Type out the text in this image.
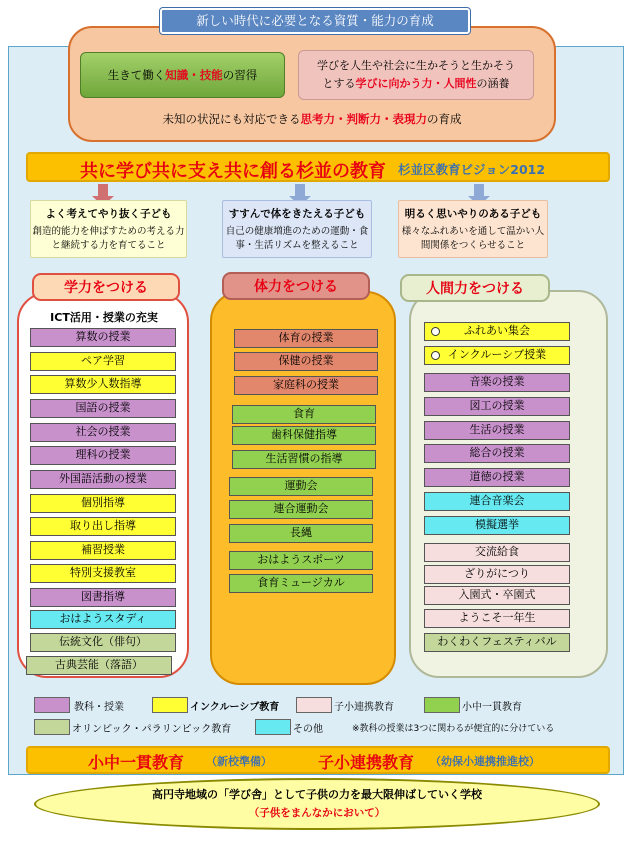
新しい時代に必要となる資質・能力の育成
生きて働く知識・技能の習得
学びを人生や社会に生かそうと生かそう
とする学びに向かう力・人間性の涵養
未知の状況にも対応できる思考力・判断力・表現力の育成
共に学び共に支え共に創る杉並の教育 杉並区教育ビジョン2012
よく考えてやり抜く子ども
創造的能力を伸ばすための考える力と継続する力を育てること
すすんで体をきたえる子ども
自己の健康増進のための運動・食事・生活リズムを整えること
明るく思いやりのある子ども
様々なふれあいを通して温かい人間関係をつくらせること
学力をつける
ICT活用・授業の充実
算数の授業
ペア学習
算数少人数指導
国語の授業
社会の授業
理科の授業
外国語活動の授業
個別指導
取り出し指導
補習授業
特別支援教室
図書指導
おはようスタディ
伝統文化（俳句）
古典芸能（落語）
体力をつける
体育の授業
保健の授業
家庭科の授業
食育
歯科保健指導
生活習慣の指導
運動会
連合運動会
長縄
おはようスポーツ
食育ミュージカル
人間力をつける
ふれあい集会
インクルーシブ授業
音楽の授業
図工の授業
生活の授業
総合の授業
道徳の授業
連合音楽会
模擬選挙
交流給食
ざりがにつり
入園式・卒園式
ようこそ一年生
わくわくフェスティバル
教科・授業	インクルーシブ教育	子小連携教育	小中一貫教育
オリンピック・パラリンピック教育	その他	※教科の授業は3つに関わるが便宜的に分けている
小中一貫教育 （新校準備）	子小連携教育 （幼保小連携推進校）
高円寺地域の「学び舎」として子供の力を最大限伸ばしていく学校
（子供をまんなかにおいて）
